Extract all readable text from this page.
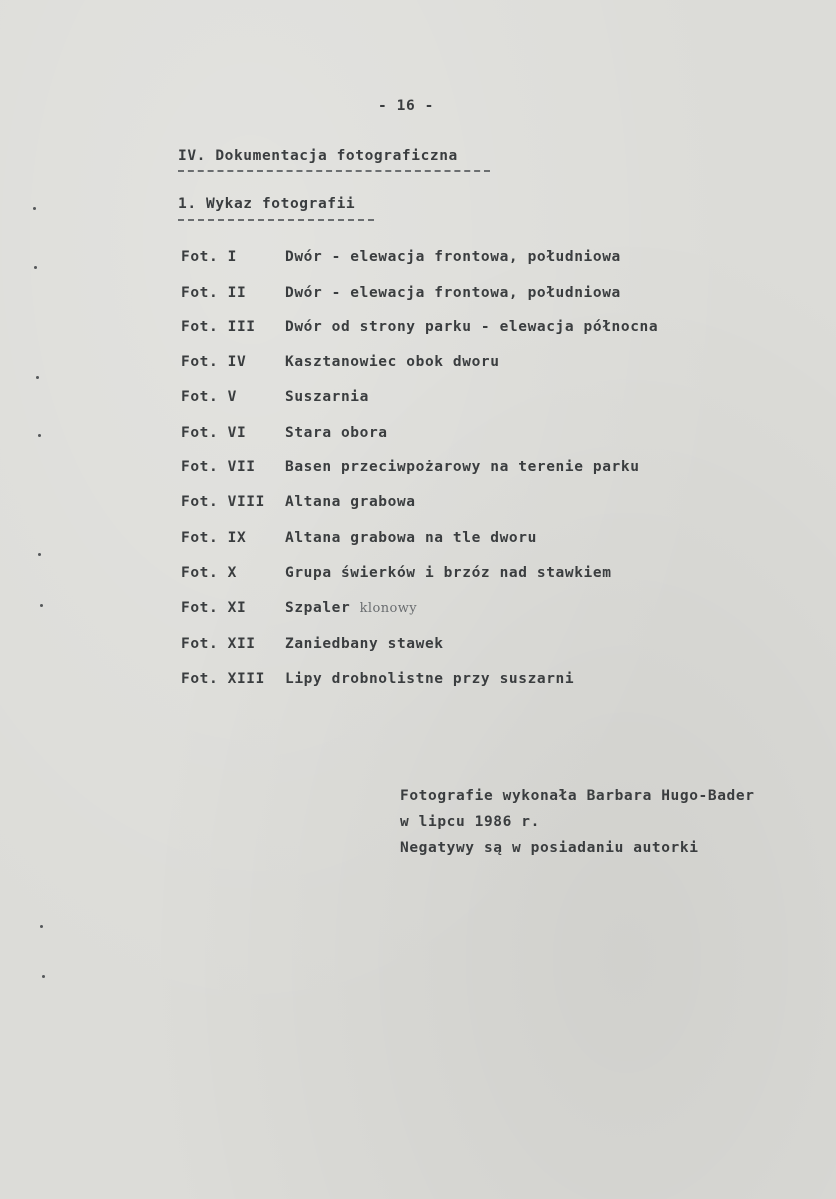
- 16 -
IV. Dokumentacja fotograficzna
1. Wykaz fotografii
Fot. I	Dwór - elewacja frontowa, południowa
Fot. II	Dwór - elewacja frontowa, południowa
Fot. III Dwór od strony parku - elewacja północna
Fot. IV	Kasztanowiec obok dworu
Fot. V	Suszarnia
Fot. VI	Stara obora
Fot. VII Basen przeciwpożarowy na terenie parku
Fot. VIII Altana grabowa
Fot. IX	Altana grabowa na tle dworu
Fot. X	Grupa świerków i brzóz nad stawkiem
Fot. XI	Szpaler klonowy
Fot. XII Zaniedbany stawek
Fot. XIII Lipy drobnolistne przy suszarni
Fotografie wykonała Barbara Hugo-Bader
w lipcu 1986 r.
Negatywy są w posiadaniu autorki
